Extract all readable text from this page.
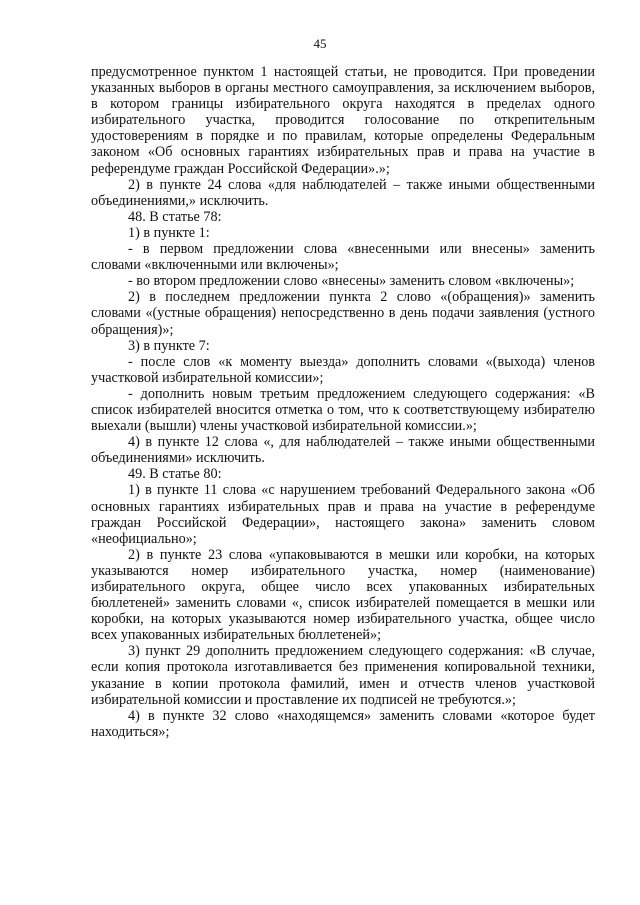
45

предусмотренное пунктом 1 настоящей статьи, не проводится. При проведении указанных выборов в органы местного самоуправления, за исключением выборов, в котором границы избирательного округа находятся в пределах одного избирательного участка, проводится голосование по открепительным удостоверениям в порядке и по правилам, которые определены Федеральным законом «Об основных гарантиях избирательных прав и права на участие в референдуме граждан Российской Федерации».»;

2) в пункте 24 слова «для наблюдателей – также иными общественными объединениями,» исключить.

48. В статье 78:

1) в пункте 1:

- в первом предложении слова «внесенными или внесены» заменить словами «включенными или включены»;

- во втором предложении слово «внесены» заменить словом «включены»;

2) в последнем предложении пункта 2 слово «(обращения)» заменить словами «(устные обращения) непосредственно в день подачи заявления (устного обращения)»;

3) в пункте 7:

- после слов «к моменту выезда» дополнить словами «(выхода) членов участковой избирательной комиссии»;

- дополнить новым третьим предложением следующего содержания: «В список избирателей вносится отметка о том, что к соответствующему избирателю выехали (вышли) члены участковой избирательной комиссии.»;

4) в пункте 12 слова «, для наблюдателей – также иными общественными объединениями» исключить.

49. В статье 80:

1) в пункте 11 слова «с нарушением требований Федерального закона «Об основных гарантиях избирательных прав и права на участие в референдуме граждан Российской Федерации», настоящего закона» заменить словом «неофициально»;

2) в пункте 23 слова «упаковываются в мешки или коробки, на которых указываются номер избирательного участка, номер (наименование) избирательного округа, общее число всех упакованных избирательных бюллетеней» заменить словами «, список избирателей помещается в мешки или коробки, на которых указываются номер избирательного участка, общее число всех упакованных избирательных бюллетеней»;

3) пункт 29 дополнить предложением следующего содержания: «В случае, если копия протокола изготавливается без применения копировальной техники, указание в копии протокола фамилий, имен и отчеств членов участковой избирательной комиссии и проставление их подписей не требуются.»;

4) в пункте 32 слово «находящемся» заменить словами «которое будет находиться»;
